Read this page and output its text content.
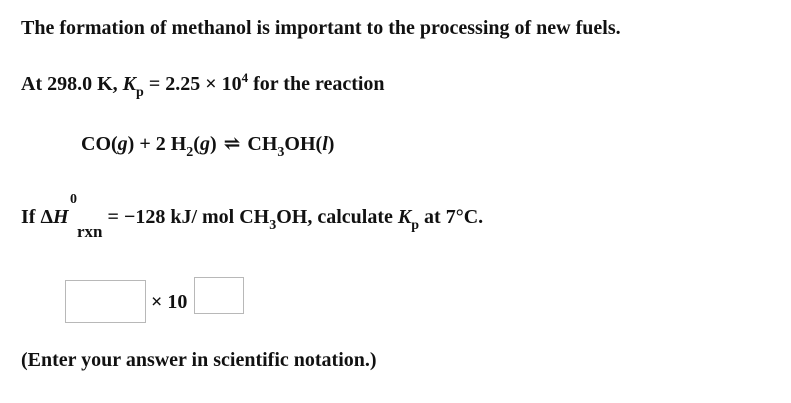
The formation of methanol is important to the processing of new fuels.
At 298.0 K, $K_p = 2.25 \times 10^4$ for the reaction
CO(g) + 2 $H_2(g)$ ⇌ $CH_3OH(l)$
If ΔH = −128 kJ/ mol $CH_3OH$, calculate $K_p$ at 7°C.
0
rxn
× 10
(Enter your answer in scientific notation.)
